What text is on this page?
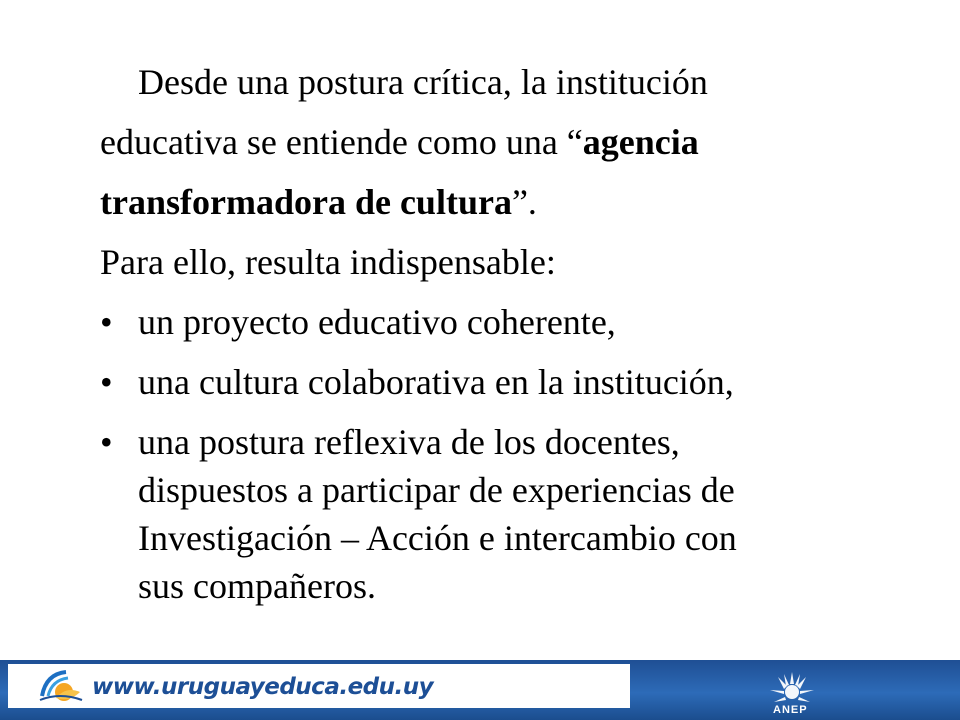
Desde una postura crítica, la institución
educativa se entiende como una “agencia
transformadora de cultura”.
Para ello, resulta indispensable:
• un proyecto educativo coherente,
• una cultura colaborativa en la institución,
• una postura reflexiva de los docentes,
dispuestos a participar de experiencias de
Investigación – Acción e intercambio con
sus compañeros.
www.uruguayeduca.edu.uy
ANEP
